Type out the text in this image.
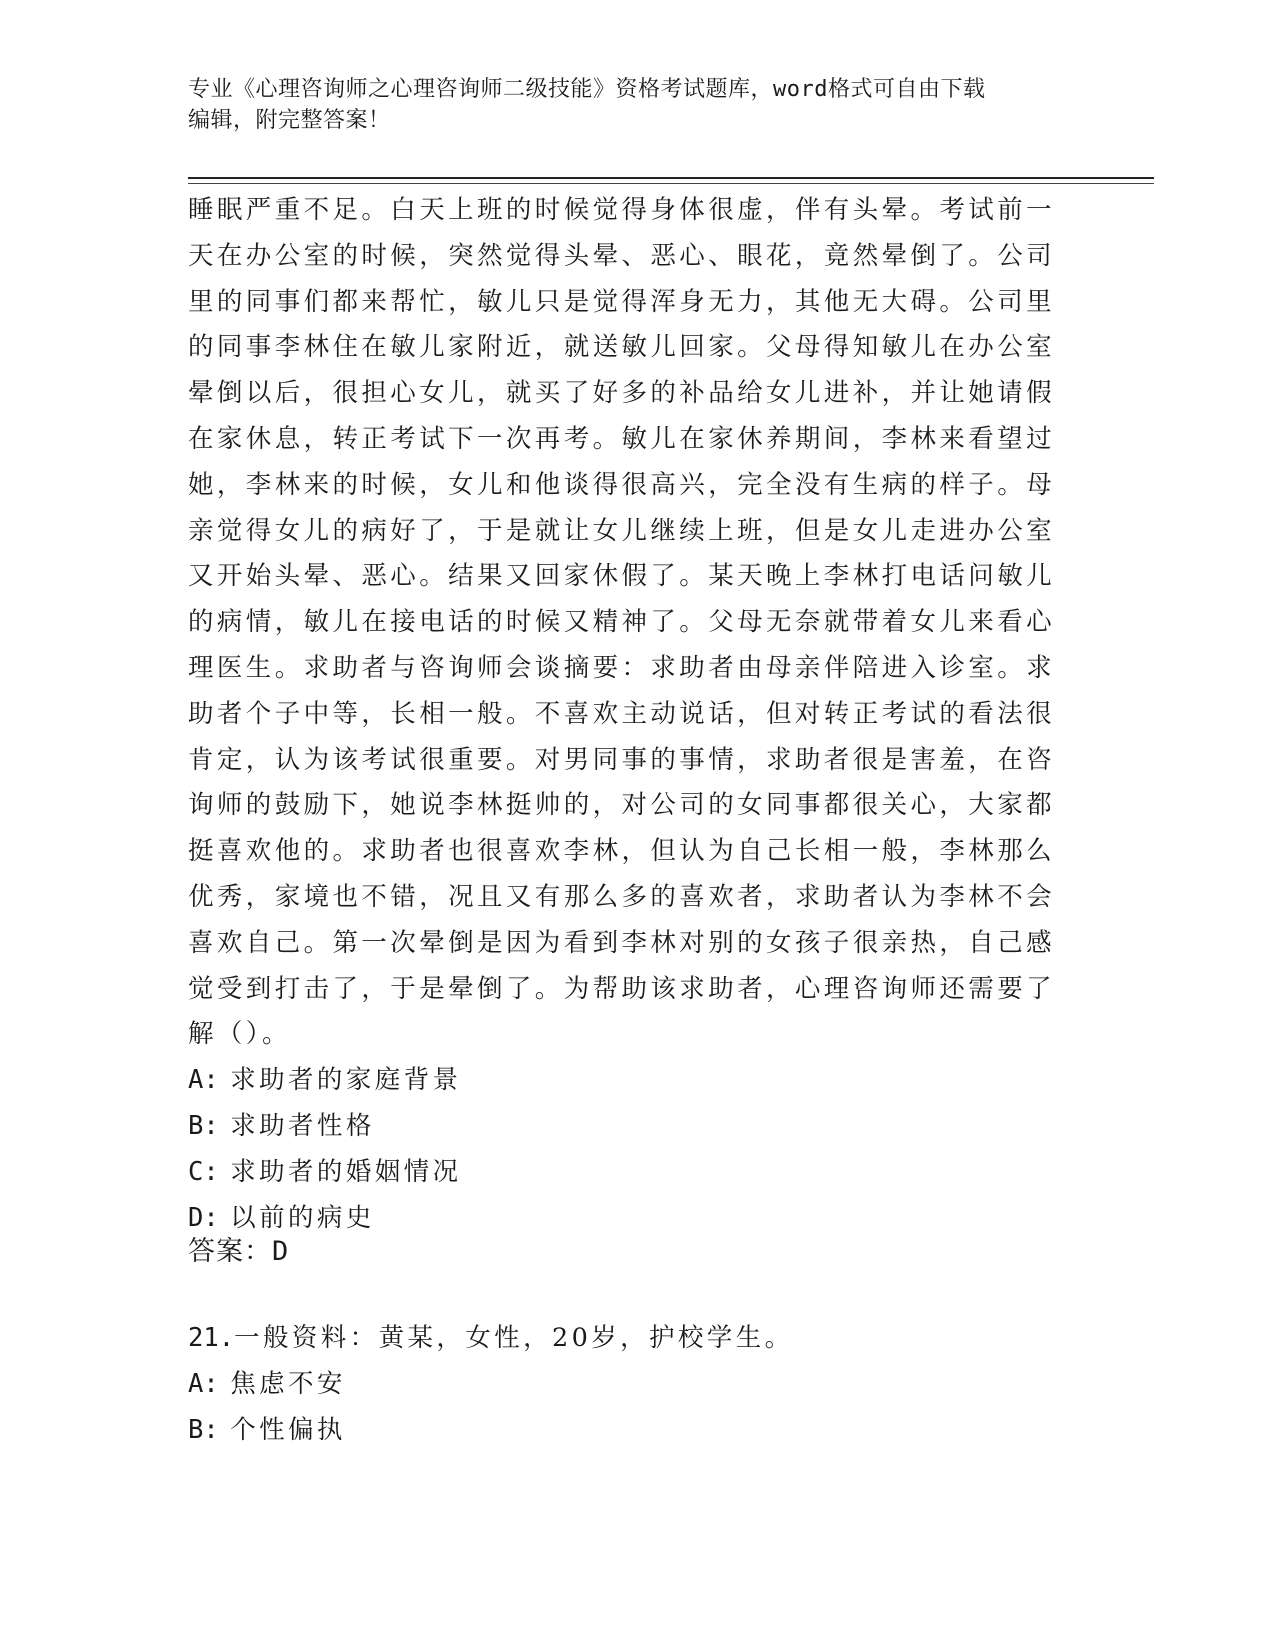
专业《心理咨询师之心理咨询师二级技能》资格考试题库，word格式可自由下载
编辑，附完整答案！
睡眠严重不足。白天上班的时候觉得身体很虚，伴有头晕。考试前一
天在办公室的时候，突然觉得头晕、恶心、眼花，竟然晕倒了。公司
里的同事们都来帮忙，敏儿只是觉得浑身无力，其他无大碍。公司里
的同事李林住在敏儿家附近，就送敏儿回家。父母得知敏儿在办公室
晕倒以后，很担心女儿，就买了好多的补品给女儿进补，并让她请假
在家休息，转正考试下一次再考。敏儿在家休养期间，李林来看望过
她，李林来的时候，女儿和他谈得很高兴，完全没有生病的样子。母
亲觉得女儿的病好了，于是就让女儿继续上班，但是女儿走进办公室
又开始头晕、恶心。结果又回家休假了。某天晚上李林打电话问敏儿
的病情，敏儿在接电话的时候又精神了。父母无奈就带着女儿来看心
理医生。求助者与咨询师会谈摘要：求助者由母亲伴陪进入诊室。求
助者个子中等，长相一般。不喜欢主动说话，但对转正考试的看法很
肯定，认为该考试很重要。对男同事的事情，求助者很是害羞，在咨
询师的鼓励下，她说李林挺帅的，对公司的女同事都很关心，大家都
挺喜欢他的。求助者也很喜欢李林，但认为自己长相一般，李林那么
优秀，家境也不错，况且又有那么多的喜欢者，求助者认为李林不会
喜欢自己。第一次晕倒是因为看到李林对别的女孩子很亲热，自己感
觉受到打击了，于是晕倒了。为帮助该求助者，心理咨询师还需要了
解（）。
A: 求助者的家庭背景
B: 求助者性格
C: 求助者的婚姻情况
D: 以前的病史
答案：D
21.一般资料：黄某，女性，20岁，护校学生。
A: 焦虑不安
B: 个性偏执
